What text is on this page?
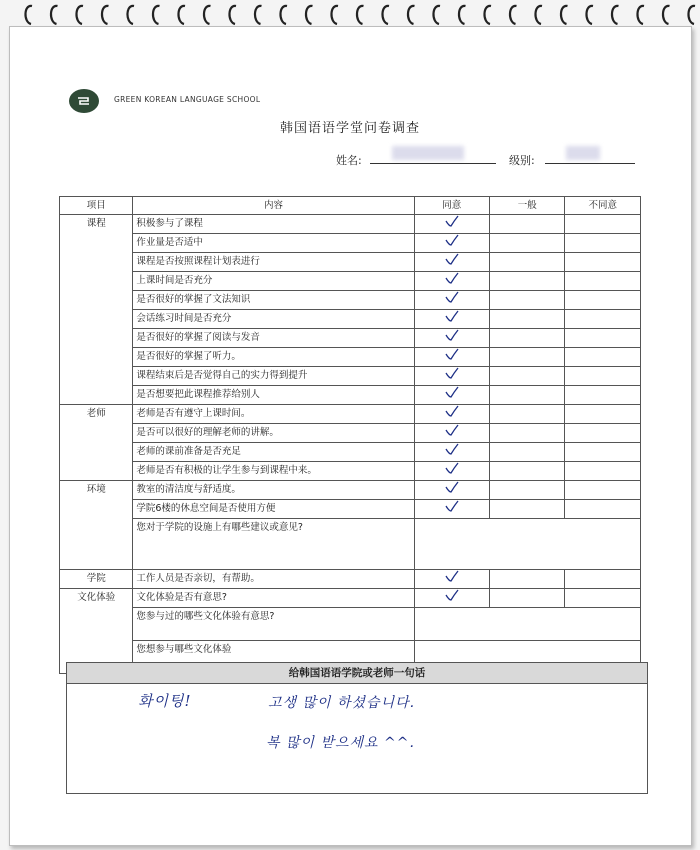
GREEN KOREAN LANGUAGE SCHOOL
韩国语语学堂问卷调查
姓名:	级别:
项目	内容	同意	一般	不同意
课程	积极参与了课程			
	作业量是否适中			
	课程是否按照课程计划表进行			
	上课时间是否充分			
	是否很好的掌握了文法知识			
	会话练习时间是否充分			
	是否很好的掌握了阅读与发音			
	是否很好的掌握了听力。			
	课程结束后是否觉得自己的实力得到提升			
	是否想要把此课程推荐给别人			
老师	老师是否有遵守上课时间。			
	是否可以很好的理解老师的讲解。			
	老师的课前准备是否充足			
	老师是否有积极的让学生参与到课程中来。			
环境	教室的清洁度与舒适度。			
	学院6楼的休息空间是否使用方便			
	您对于学院的设施上有哪些建议或意见?			
学院	工作人员是否亲切，有帮助。			
文化体验	文化体验是否有意思?			
	您参与过的哪些文化体验有意思?			
	您想参与哪些文化体验			
给韩国语语学院或老师一句话
화이팅!	고생 많이 하셨습니다.
복 많이 받으세요 ^^.
